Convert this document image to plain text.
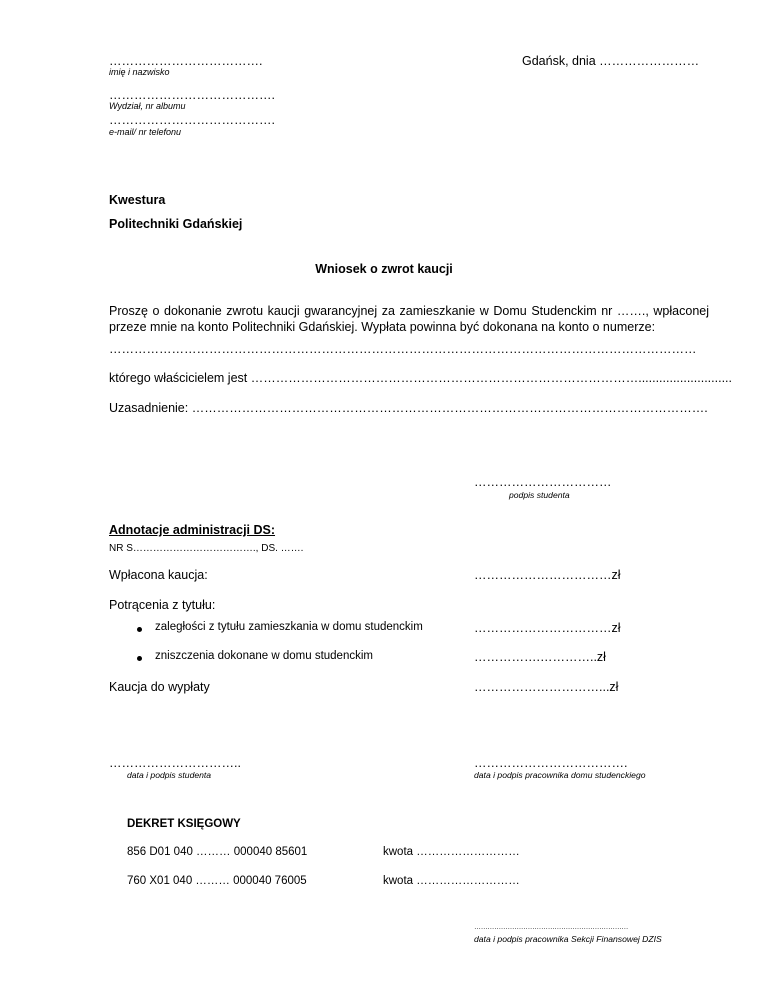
……………………………….
imię i nazwisko
Gdańsk, dnia ……………………
………………………………….
Wydział, nr albumu
………………………………….
e-mail/ nr telefonu
Kwestura
Politechniki Gdańskiej
Wniosek o zwrot kaucji
Proszę o dokonanie zwrotu kaucji gwarancyjnej za zamieszkanie w Domu Studenckim nr ……., wpłaconej przeze mnie na konto Politechniki Gdańskiej. Wypłata powinna być dokonana na konto o numerze:
……………………………………………………………………………………………………………………………
którego właścicielem jest …………………………………………………………………………………...........................
Uzasadnienie: …………………………………………………………………………………………………………….
……………………………
podpis studenta
Adnotacje administracji DS:
NR S………………………………., DS. …….
Wpłacona kaucja:	……………………………zł
Potrącenia z tytułu:
zaległości z tytułu zamieszkania w domu studenckim	……………………………zł
zniszczenia dokonane w domu studenckim	…………….…………..zł
Kaucja do wypłaty	…………………………...zł
…………………………..
data i podpis studenta
……………………………….
data i podpis pracownika domu studenckiego
DEKRET KSIĘGOWY
856 D01 040 ……… 000040 85601	kwota ………………………
760 X01 040 ……… 000040 76005	kwota ………………………
……………………………………………………………
data i podpis pracownika Sekcji Finansowej DZIS
